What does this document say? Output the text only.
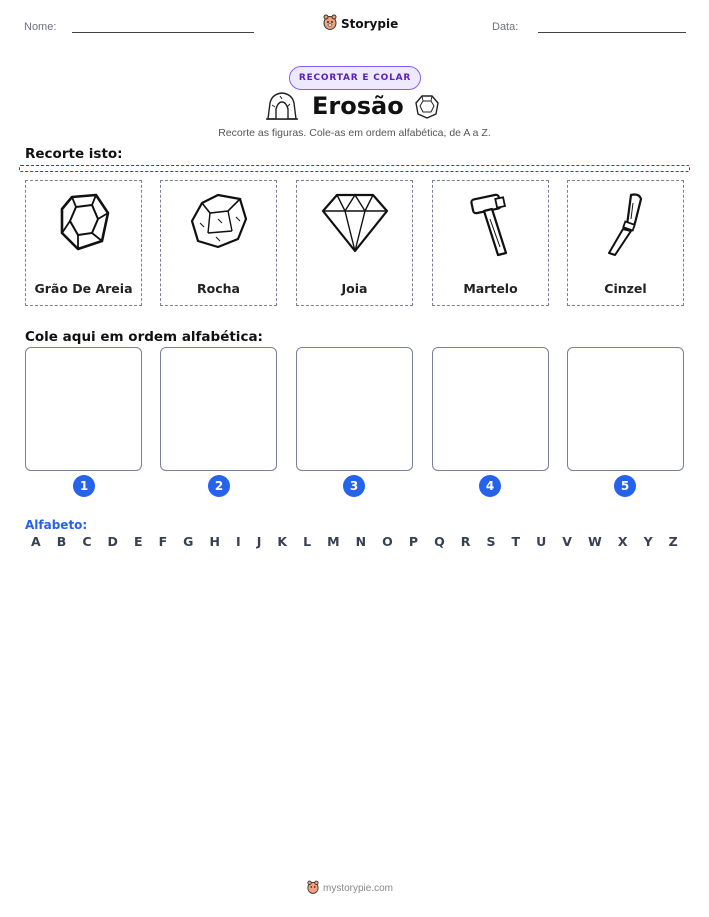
Nome:	Storypie	Data:
RECORTAR E COLAR
Erosão
Recorte as figuras. Cole-as em ordem alfabética, de A a Z.
Recorte isto:
Grão De Areia	Rocha	Joia	Martelo	Cinzel
Cole aqui em ordem alfabética:
1	2	3	4	5
Alfabeto:
A B C D E F G H I J K L M N O P Q R S T U V W X Y Z
mystorypie.com
